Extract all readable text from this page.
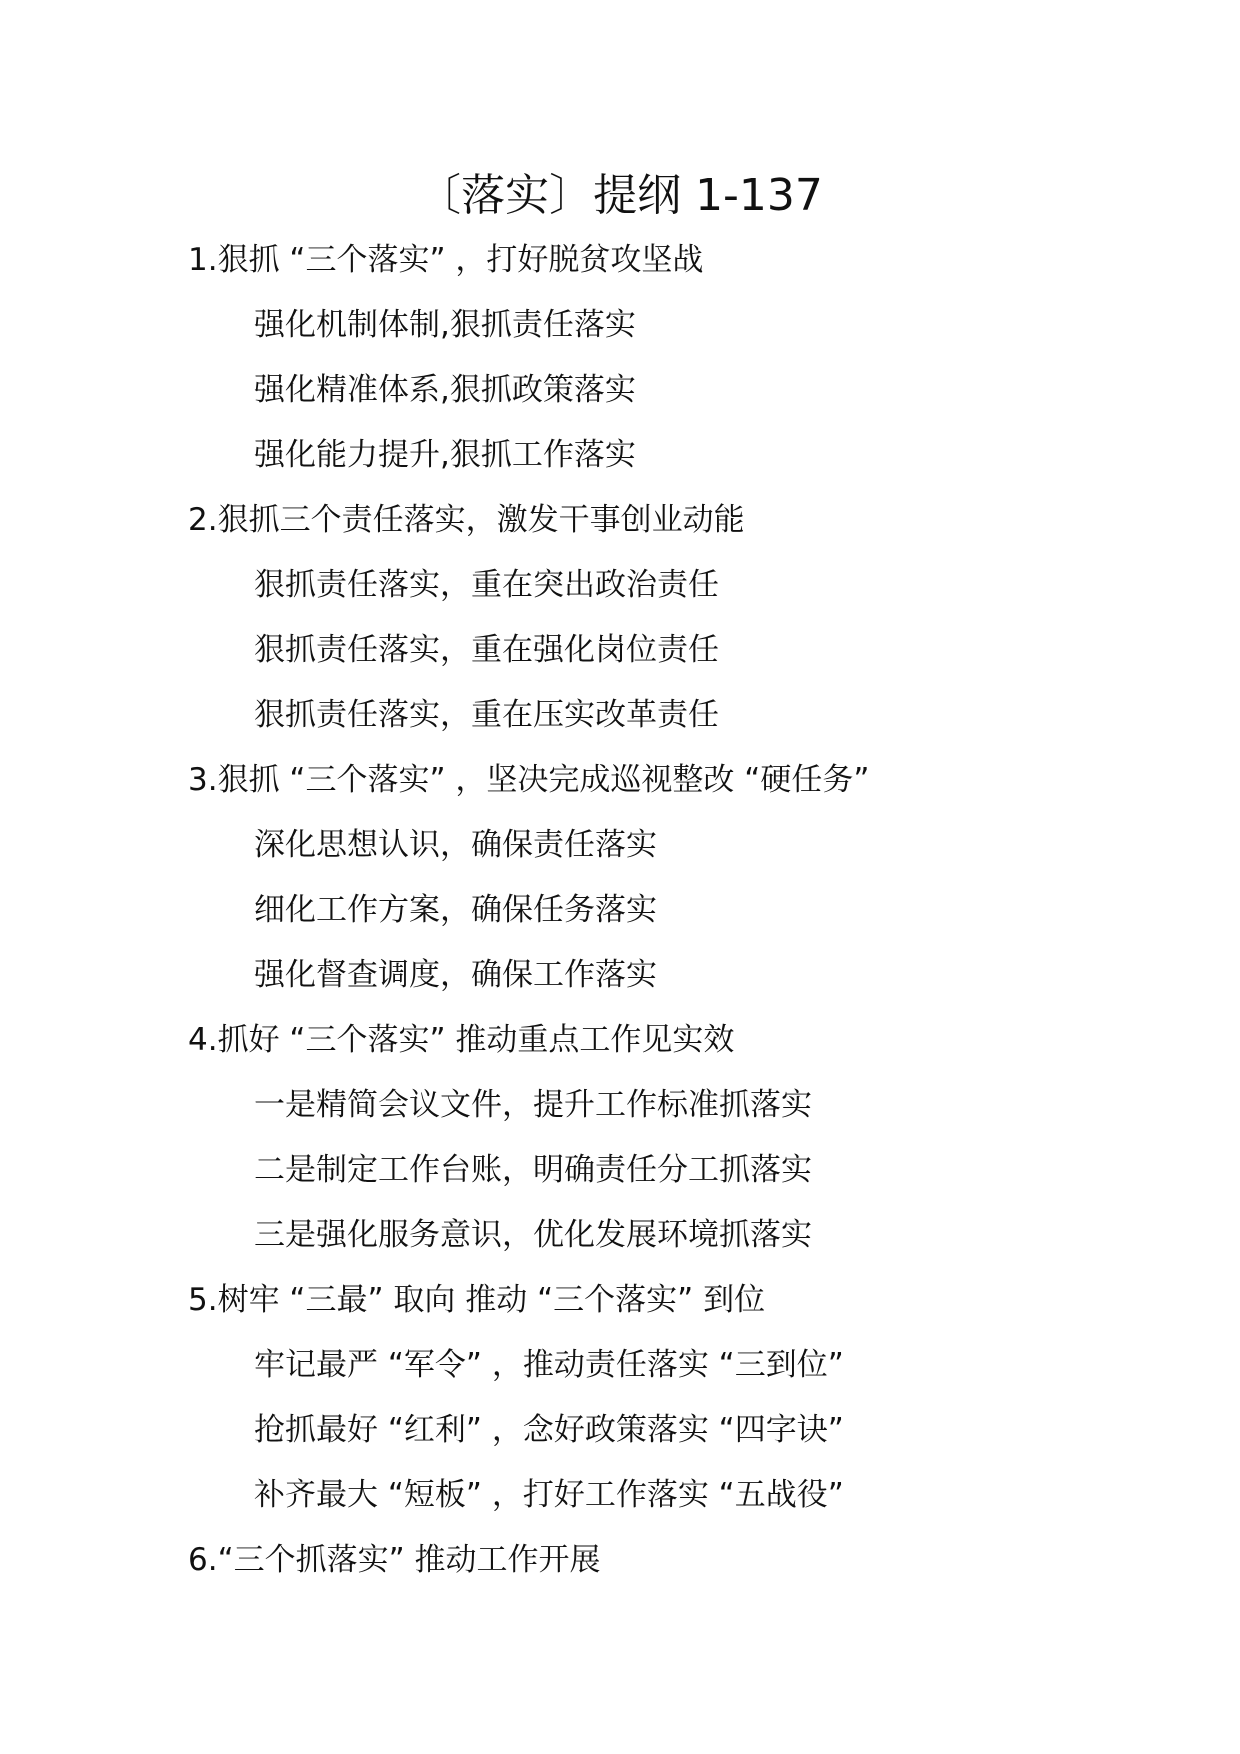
〔落实〕提纲 1-137
1.狠抓 “三个落实” ，打好脱贫攻坚战
强化机制体制,狠抓责任落实
强化精准体系,狠抓政策落实
强化能力提升,狠抓工作落实
2.狠抓三个责任落实，激发干事创业动能
狠抓责任落实，重在突出政治责任
狠抓责任落实，重在强化岗位责任
狠抓责任落实，重在压实改革责任
3.狠抓 “三个落实” ，坚决完成巡视整改 “硬任务”
深化思想认识，确保责任落实
细化工作方案，确保任务落实
强化督查调度，确保工作落实
4.抓好 “三个落实” 推动重点工作见实效
一是精简会议文件，提升工作标准抓落实
二是制定工作台账，明确责任分工抓落实
三是强化服务意识，优化发展环境抓落实
5.树牢 “三最” 取向 推动 “三个落实” 到位
牢记最严 “军令” ，推动责任落实 “三到位”
抢抓最好 “红利” ，念好政策落实 “四字诀”
补齐最大 “短板” ，打好工作落实 “五战役”
6.“三个抓落实” 推动工作开展
